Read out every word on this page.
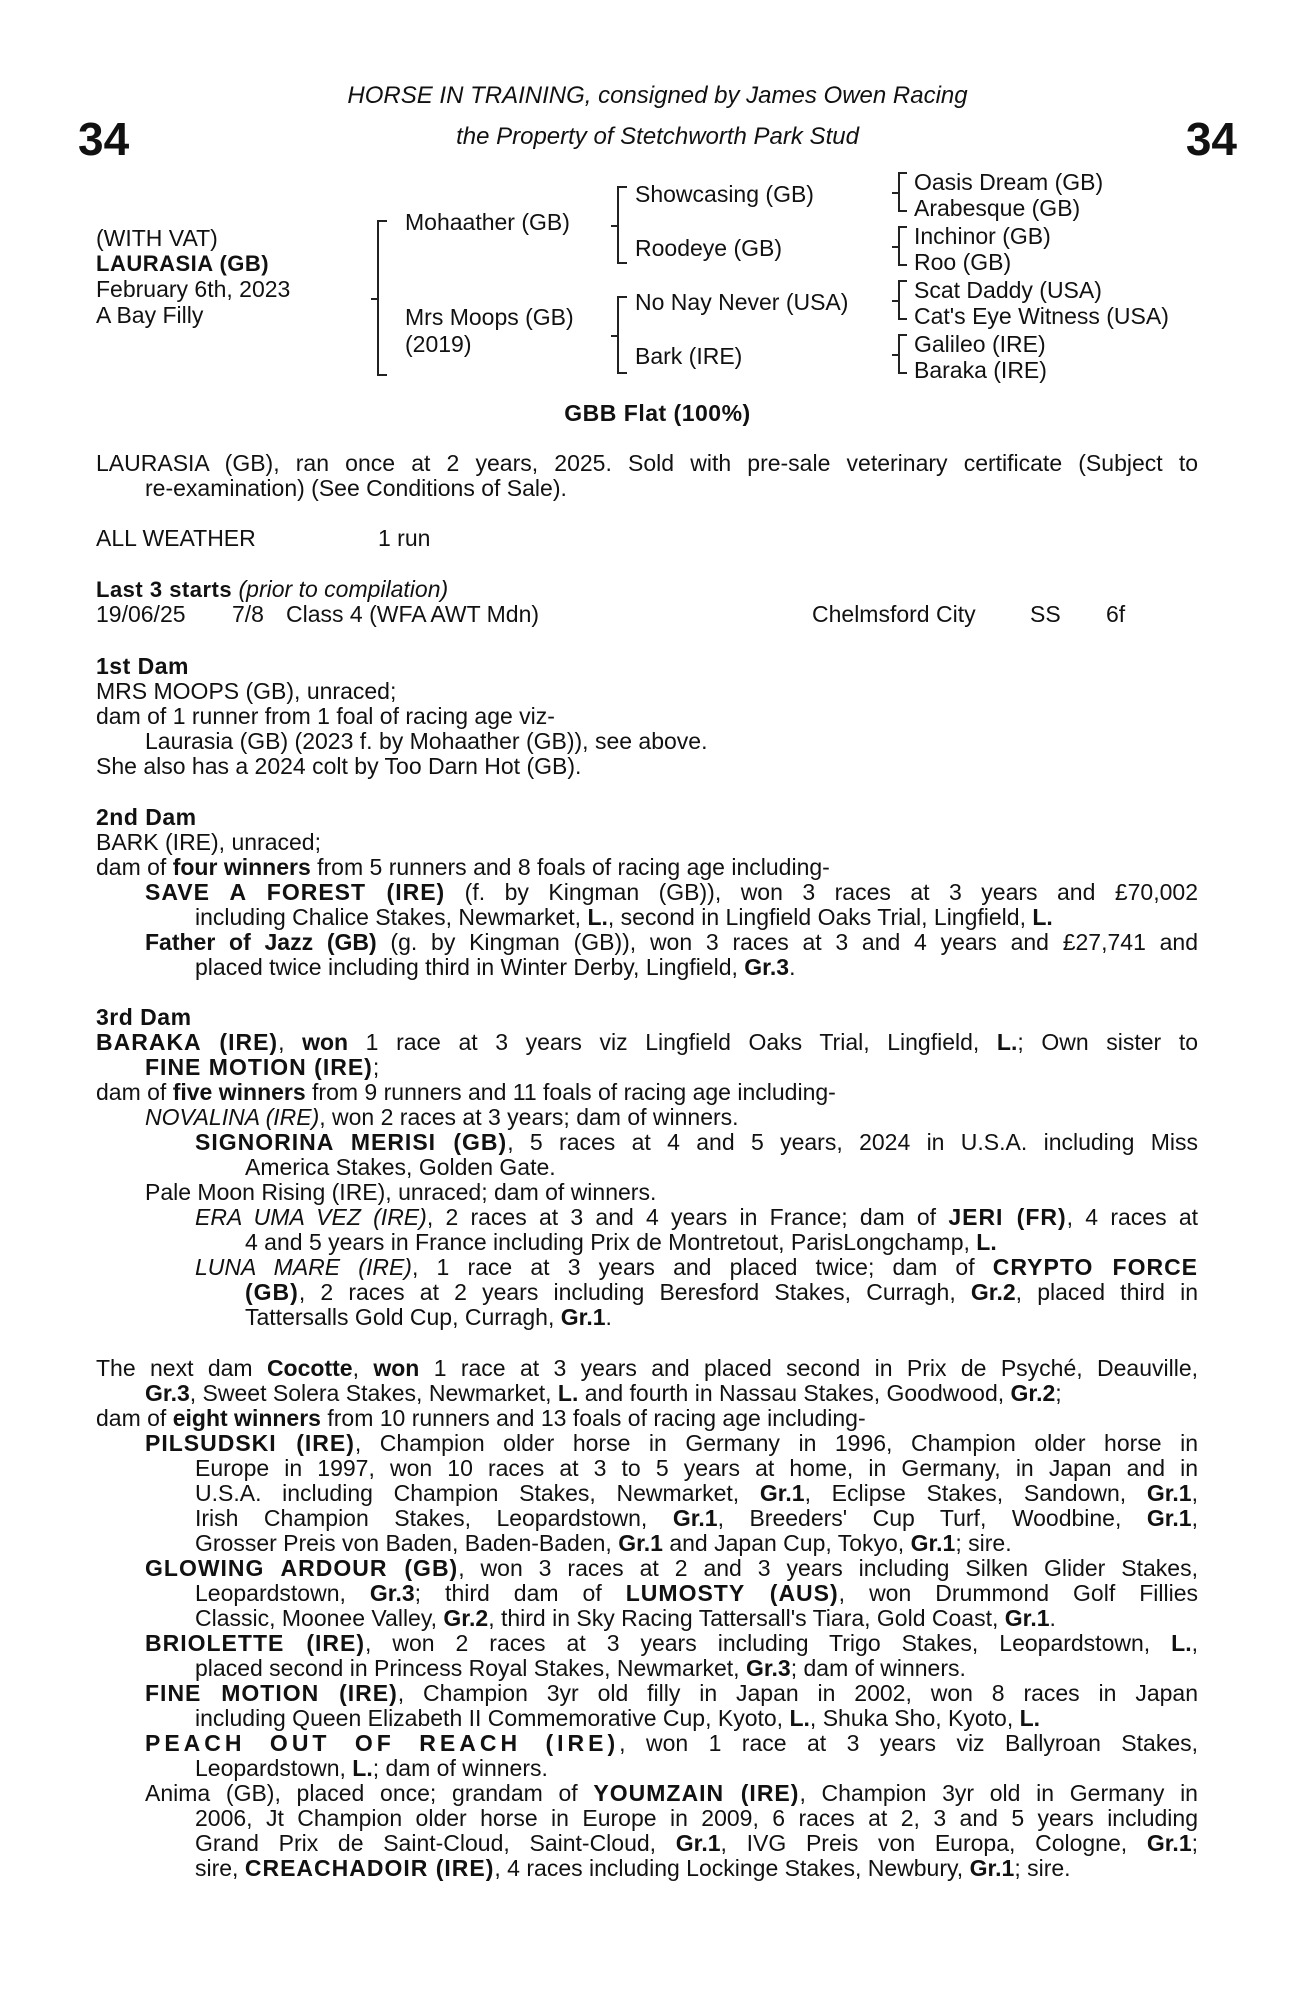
34	34
HORSE IN TRAINING, consigned by James Owen Racing
the Property of Stetchworth Park Stud
(WITH VAT)
LAURASIA (GB)
February 6th, 2023
A Bay Filly
Mohaather (GB)
Mrs Moops (GB)
(2019)
Showcasing (GB)
Roodeye (GB)
No Nay Never (USA)
Bark (IRE)
Oasis Dream (GB)
Arabesque (GB)
Inchinor (GB)
Roo (GB)
Scat Daddy (USA)
Cat's Eye Witness (USA)
Galileo (IRE)
Baraka (IRE)
GBB Flat (100%)
LAURASIA (GB), ran once at 2 years, 2025. Sold with pre-sale veterinary certificate (Subject to
re-examination) (See Conditions of Sale).
ALL WEATHER	1 run
Last 3 starts (prior to compilation)
19/06/25 7/8 Class 4 (WFA AWT Mdn)	Chelmsford City SS 6f
1st Dam
MRS MOOPS (GB), unraced;
dam of 1 runner from 1 foal of racing age viz-
Laurasia (GB) (2023 f. by Mohaather (GB)), see above.
She also has a 2024 colt by Too Darn Hot (GB).
2nd Dam
BARK (IRE), unraced;
dam of four winners from 5 runners and 8 foals of racing age including-
SAVE A FOREST (IRE) (f. by Kingman (GB)), won 3 races at 3 years and £70,002
including Chalice Stakes, Newmarket, L., second in Lingfield Oaks Trial, Lingfield, L.
Father of Jazz (GB) (g. by Kingman (GB)), won 3 races at 3 and 4 years and £27,741 and
placed twice including third in Winter Derby, Lingfield, Gr.3.
3rd Dam
BARAKA (IRE), won 1 race at 3 years viz Lingfield Oaks Trial, Lingfield, L.; Own sister to
FINE MOTION (IRE);
dam of five winners from 9 runners and 11 foals of racing age including-
NOVALINA (IRE), won 2 races at 3 years; dam of winners.
SIGNORINA MERISI (GB), 5 races at 4 and 5 years, 2024 in U.S.A. including Miss
America Stakes, Golden Gate.
Pale Moon Rising (IRE), unraced; dam of winners.
ERA UMA VEZ (IRE), 2 races at 3 and 4 years in France; dam of JERI (FR), 4 races at
4 and 5 years in France including Prix de Montretout, ParisLongchamp, L.
LUNA MARE (IRE), 1 race at 3 years and placed twice; dam of CRYPTO FORCE
(GB), 2 races at 2 years including Beresford Stakes, Curragh, Gr.2, placed third in
Tattersalls Gold Cup, Curragh, Gr.1.
The next dam Cocotte, won 1 race at 3 years and placed second in Prix de Psyché, Deauville,
Gr.3, Sweet Solera Stakes, Newmarket, L. and fourth in Nassau Stakes, Goodwood, Gr.2;
dam of eight winners from 10 runners and 13 foals of racing age including-
PILSUDSKI (IRE), Champion older horse in Germany in 1996, Champion older horse in
Europe in 1997, won 10 races at 3 to 5 years at home, in Germany, in Japan and in
U.S.A. including Champion Stakes, Newmarket, Gr.1, Eclipse Stakes, Sandown, Gr.1,
Irish Champion Stakes, Leopardstown, Gr.1, Breeders' Cup Turf, Woodbine, Gr.1,
Grosser Preis von Baden, Baden-Baden, Gr.1 and Japan Cup, Tokyo, Gr.1; sire.
GLOWING ARDOUR (GB), won 3 races at 2 and 3 years including Silken Glider Stakes,
Leopardstown, Gr.3; third dam of LUMOSTY (AUS), won Drummond Golf Fillies
Classic, Moonee Valley, Gr.2, third in Sky Racing Tattersall's Tiara, Gold Coast, Gr.1.
BRIOLETTE (IRE), won 2 races at 3 years including Trigo Stakes, Leopardstown, L.,
placed second in Princess Royal Stakes, Newmarket, Gr.3; dam of winners.
FINE MOTION (IRE), Champion 3yr old filly in Japan in 2002, won 8 races in Japan
including Queen Elizabeth II Commemorative Cup, Kyoto, L., Shuka Sho, Kyoto, L.
PEACH OUT OF REACH (IRE), won 1 race at 3 years viz Ballyroan Stakes,
Leopardstown, L.; dam of winners.
Anima (GB), placed once; grandam of YOUMZAIN (IRE), Champion 3yr old in Germany in
2006, Jt Champion older horse in Europe in 2009, 6 races at 2, 3 and 5 years including
Grand Prix de Saint-Cloud, Saint-Cloud, Gr.1, IVG Preis von Europa, Cologne, Gr.1;
sire, CREACHADOIR (IRE), 4 races including Lockinge Stakes, Newbury, Gr.1; sire.
